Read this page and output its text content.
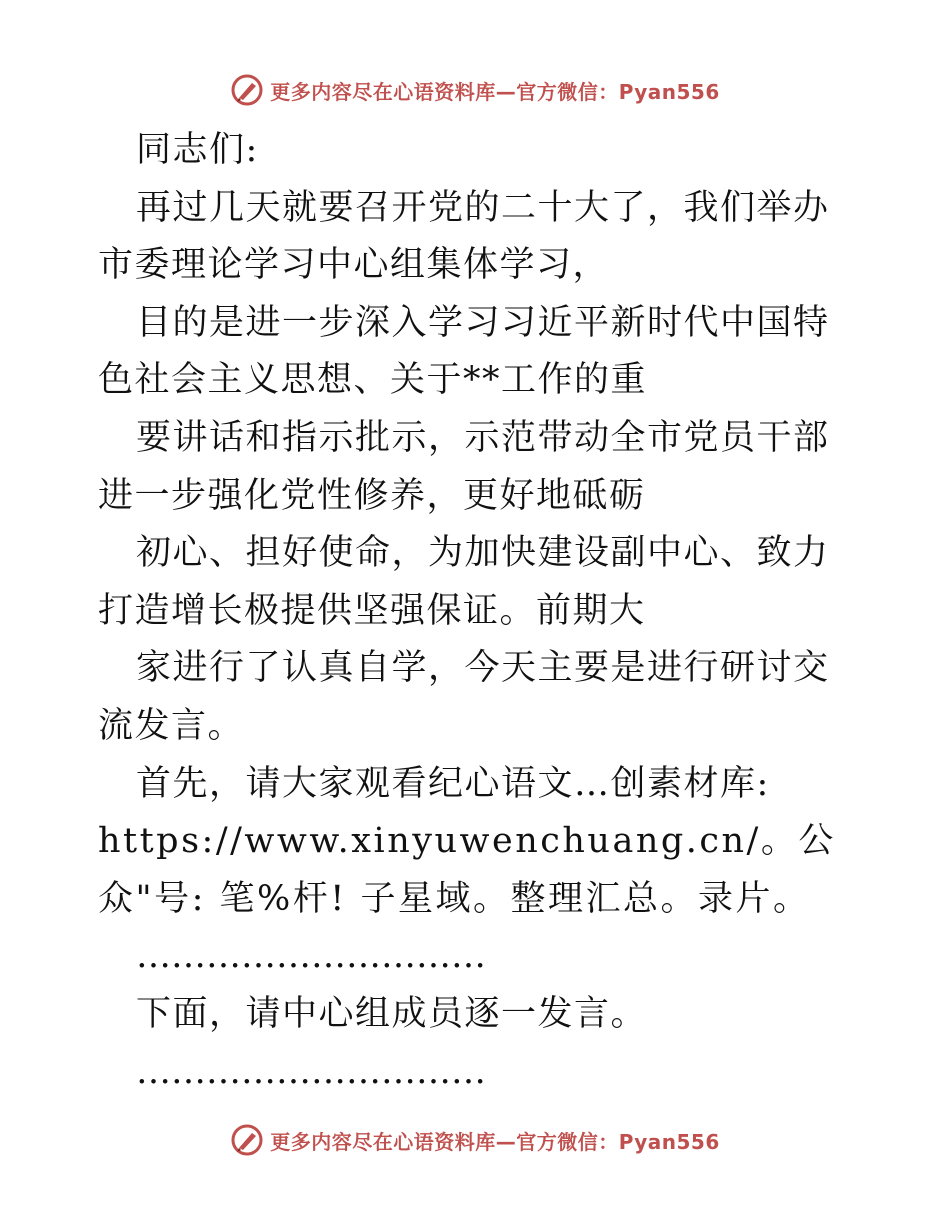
更多内容尽在心语资料库—官方微信：Pyan556

同志们:

再过几天就要召开党的二十大了，我们举办市委理论学习中心组集体学习，

目的是进一步深入学习习近平新时代中国特色社会主义思想、关于**工作的重

要讲话和指示批示，示范带动全市党员干部进一步强化党性修养，更好地砥砺

初心、担好使命，为加快建设副中心、致力打造增长极提供坚强保证。前期大

家进行了认真自学，今天主要是进行研讨交流发言。

首先，请大家观看纪心语文…创素材库:

https://www.xinyuwenchuang.cn/。公众"号: 笔%杆! 子星域。整理汇总。录片。

…………………………

下面，请中心组成员逐一发言。

…………………………

更多内容尽在心语资料库—官方微信：Pyan556
